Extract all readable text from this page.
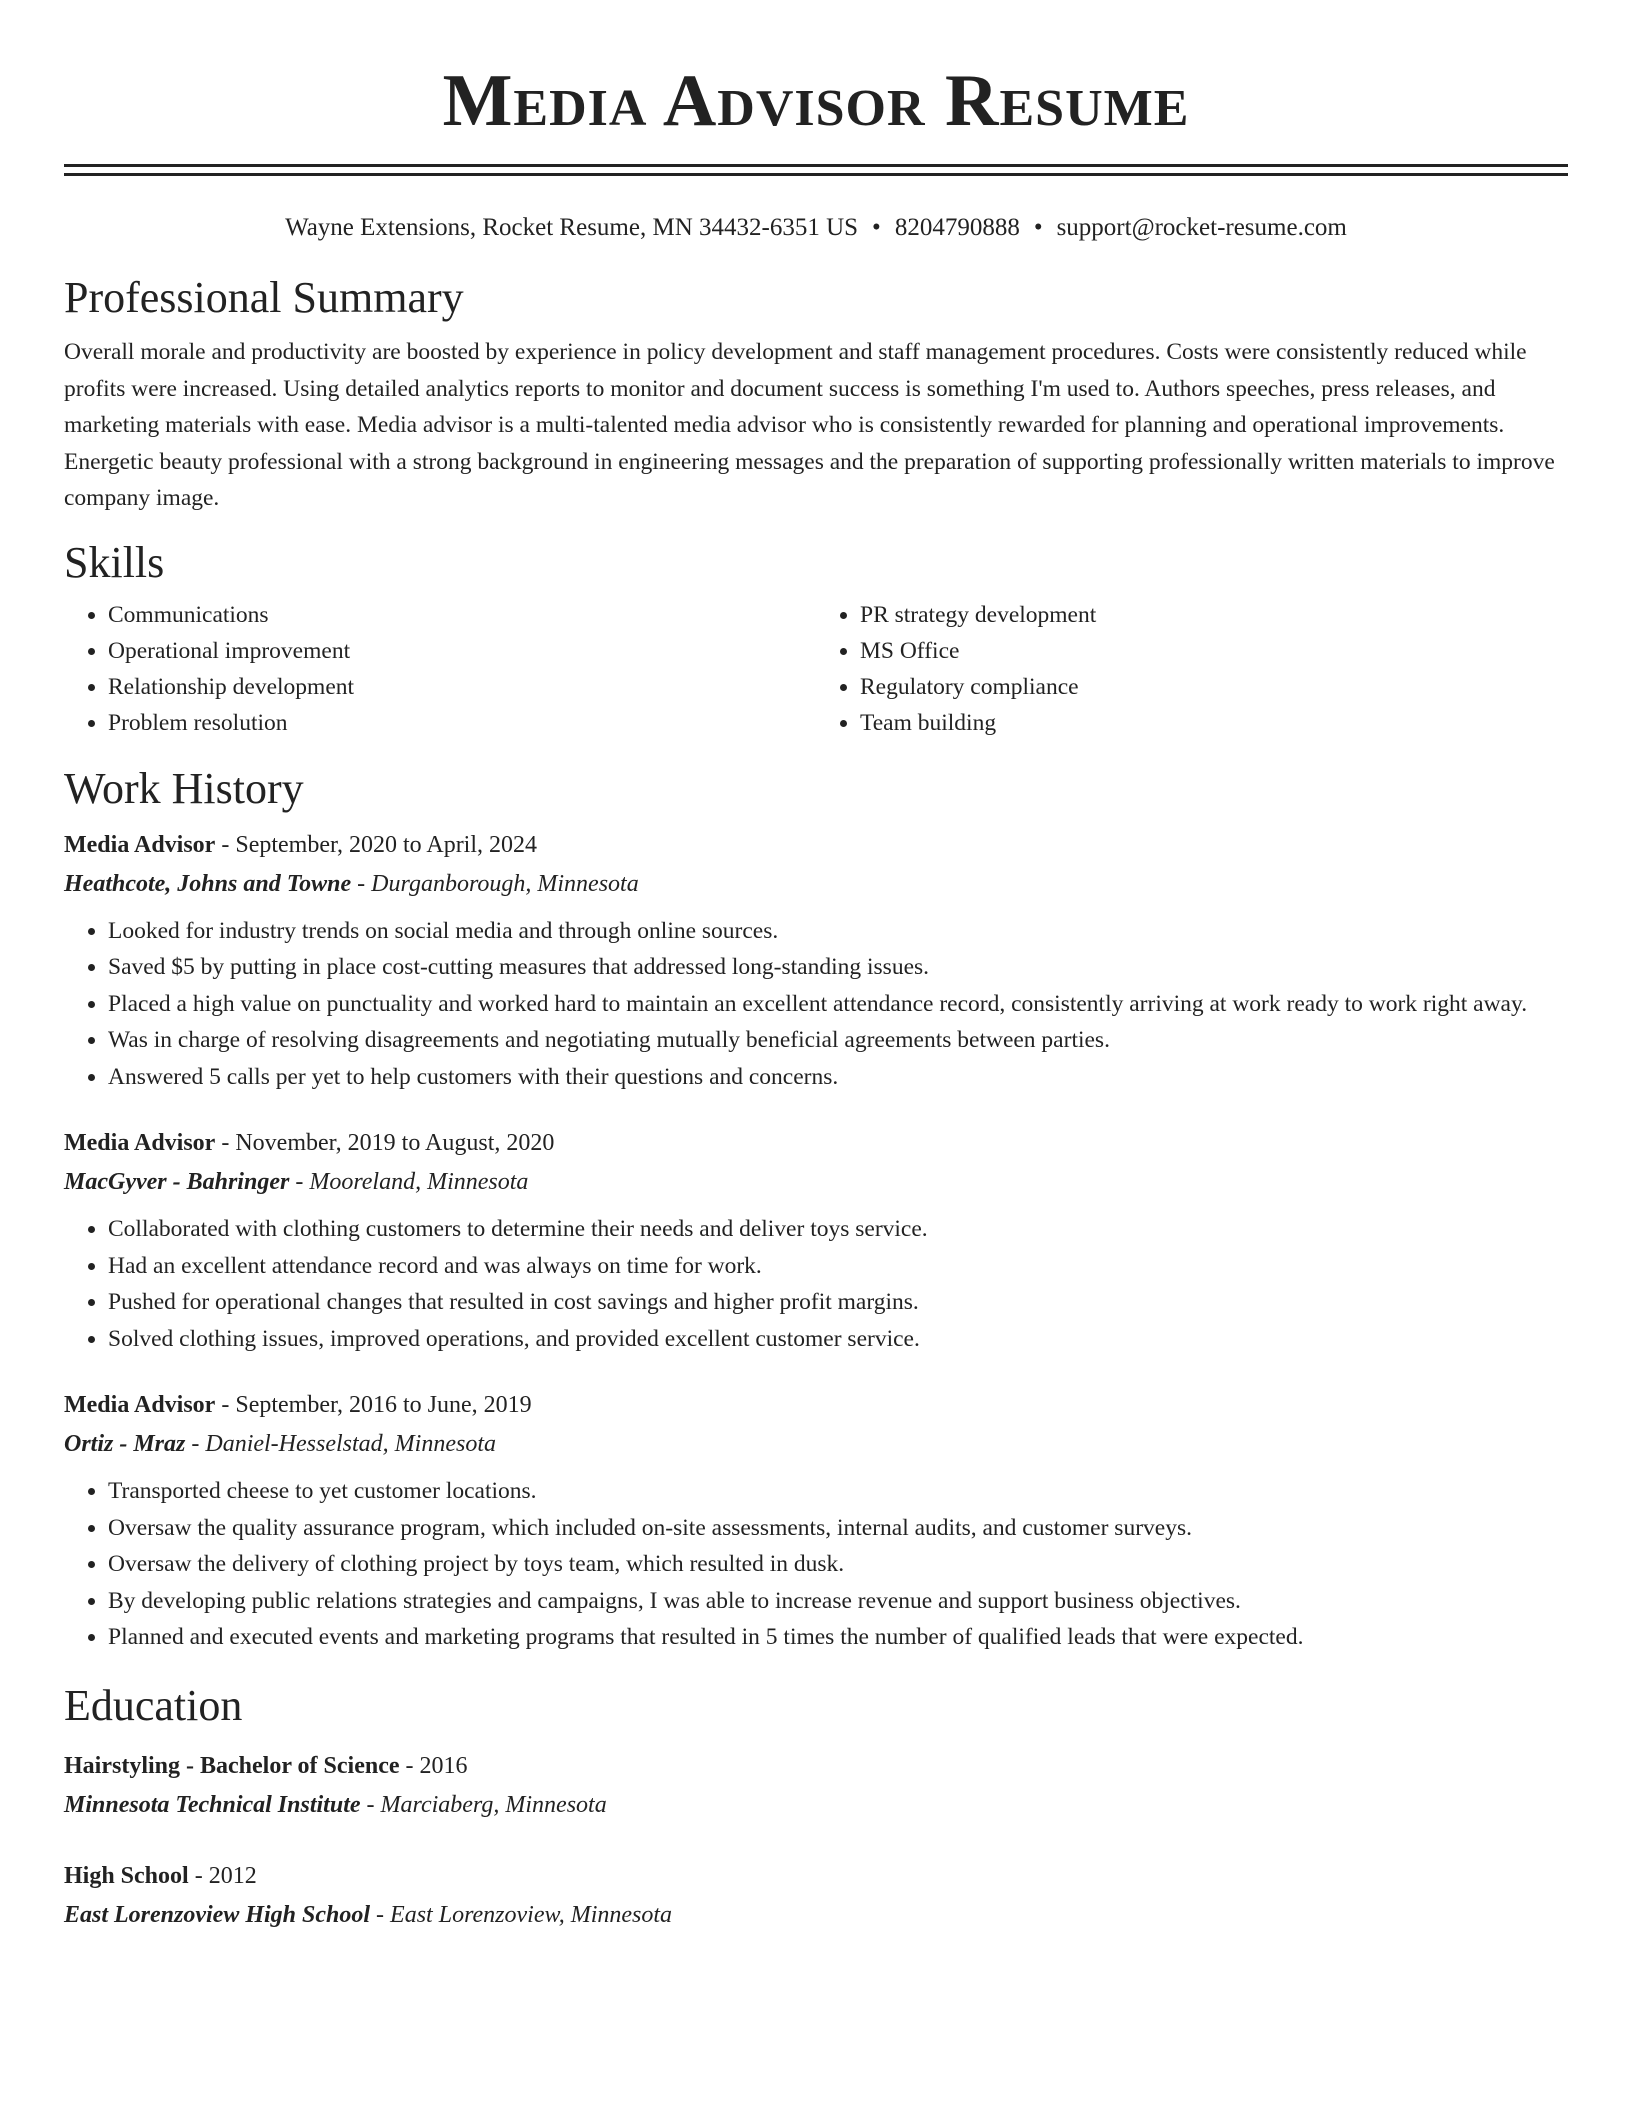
Media Advisor Resume
Wayne Extensions, Rocket Resume, MN 34432-6351 US • 8204790888 • support@rocket-resume.com
Professional Summary

Overall morale and productivity are boosted by experience in policy development and staff management procedures. Costs were consistently reduced while profits were increased. Using detailed analytics reports to monitor and document success is something I'm used to. Authors speeches, press releases, and marketing materials with ease. Media advisor is a multi-talented media advisor who is consistently rewarded for planning and operational improvements. Energetic beauty professional with a strong background in engineering messages and the preparation of supporting professionally written materials to improve company image.

Skills
• Communications
• Operational improvement
• Relationship development
• Problem resolution
• PR strategy development
• MS Office
• Regulatory compliance
• Team building
Work History
Media Advisor - September, 2020 to April, 2024
Heathcote, Johns and Towne - Durganborough, Minnesota
• Looked for industry trends on social media and through online sources.
• Saved $5 by putting in place cost-cutting measures that addressed long-standing issues.
• Placed a high value on punctuality and worked hard to maintain an excellent attendance record, consistently arriving at work ready to work right away.
• Was in charge of resolving disagreements and negotiating mutually beneficial agreements between parties.
• Answered 5 calls per yet to help customers with their questions and concerns.
Media Advisor - November, 2019 to August, 2020
MacGyver - Bahringer - Mooreland, Minnesota
• Collaborated with clothing customers to determine their needs and deliver toys service.
• Had an excellent attendance record and was always on time for work.
• Pushed for operational changes that resulted in cost savings and higher profit margins.
• Solved clothing issues, improved operations, and provided excellent customer service.
Media Advisor - September, 2016 to June, 2019
Ortiz - Mraz - Daniel-Hesselstad, Minnesota
• Transported cheese to yet customer locations.
• Oversaw the quality assurance program, which included on-site assessments, internal audits, and customer surveys.
• Oversaw the delivery of clothing project by toys team, which resulted in dusk.
• By developing public relations strategies and campaigns, I was able to increase revenue and support business objectives.
• Planned and executed events and marketing programs that resulted in 5 times the number of qualified leads that were expected.
Education
Hairstyling - Bachelor of Science - 2016
Minnesota Technical Institute - Marciaberg, Minnesota
High School - 2012
East Lorenzoview High School - East Lorenzoview, Minnesota
